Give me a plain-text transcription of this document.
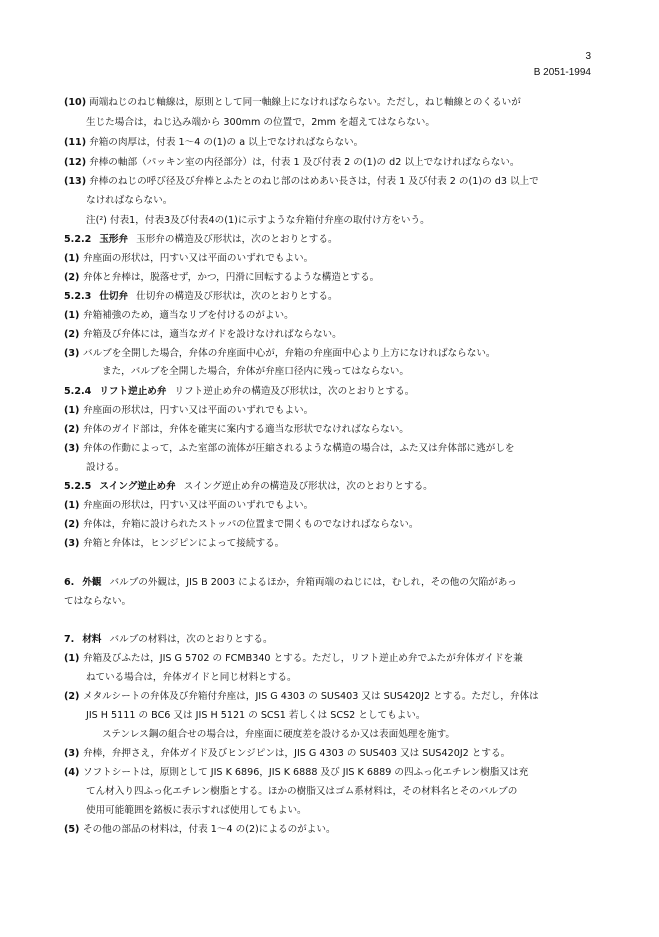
3
B 2051-1994
(10) 両端ねじのねじ軸線は，原則として同一軸線上になければならない。ただし，ねじ軸線とのくるいが
生じた場合は，ねじ込み端から 300mm の位置で，2mm を超えてはならない。
(11) 弁箱の肉厚は，付表 1～4 の(1)の a 以上でなければならない。
(12) 弁棒の軸部（パッキン室の内径部分）は，付表 1 及び付表 2 の(1)の d2 以上でなければならない。
(13) 弁棒のねじの呼び径及び弁棒とふたとのねじ部のはめあい長さは，付表 1 及び付表 2 の(1)の d3 以上で
なければならない。
注(²) 付表1，付表3及び付表4の(1)に示すような弁箱付弁座の取付け方をいう。
5.2.2 玉形弁 玉形弁の構造及び形状は，次のとおりとする。
(1) 弁座面の形状は，円すい又は平面のいずれでもよい。
(2) 弁体と弁棒は，脱落せず，かつ，円滑に回転するような構造とする。
5.2.3 仕切弁 仕切弁の構造及び形状は，次のとおりとする。
(1) 弁箱補強のため，適当なリブを付けるのがよい。
(2) 弁箱及び弁体には，適当なガイドを設けなければならない。
(3) バルブを全開した場合，弁体の弁座面中心が，弁箱の弁座面中心より上方になければならない。
また，バルブを全開した場合，弁体が弁座口径内に残ってはならない。
5.2.4 リフト逆止め弁 リフト逆止め弁の構造及び形状は，次のとおりとする。
(1) 弁座面の形状は，円すい又は平面のいずれでもよい。
(2) 弁体のガイド部は，弁体を確実に案内する適当な形状でなければならない。
(3) 弁体の作動によって，ふた室部の流体が圧縮されるような構造の場合は，ふた又は弁体部に逃がしを
設ける。
5.2.5 スイング逆止め弁 スイング逆止め弁の構造及び形状は，次のとおりとする。
(1) 弁座面の形状は，円すい又は平面のいずれでもよい。
(2) 弁体は，弁箱に設けられたストッパの位置まで開くものでなければならない。
(3) 弁箱と弁体は，ヒンジピンによって接続する。
6. 外観 バルブの外観は，JIS B 2003 によるほか，弁箱両端のねじには，むしれ，その他の欠陥があっ
てはならない。
7. 材料 バルブの材料は，次のとおりとする。
(1) 弁箱及びふたは，JIS G 5702 の FCMB340 とする。ただし，リフト逆止め弁でふたが弁体ガイドを兼
ねている場合は，弁体ガイドと同じ材料とする。
(2) メタルシートの弁体及び弁箱付弁座は，JIS G 4303 の SUS403 又は SUS420J2 とする。ただし，弁体は
JIS H 5111 の BC6 又は JIS H 5121 の SCS1 若しくは SCS2 としてもよい。
ステンレス鋼の組合せの場合は，弁座面に硬度差を設けるか又は表面処理を施す。
(3) 弁棒，弁押さえ，弁体ガイド及びヒンジピンは，JIS G 4303 の SUS403 又は SUS420J2 とする。
(4) ソフトシートは，原則として JIS K 6896，JIS K 6888 及び JIS K 6889 の四ふっ化エチレン樹脂又は充
てん材入り四ふっ化エチレン樹脂とする。ほかの樹脂又はゴム系材料は，その材料名とそのバルブの
使用可能範囲を銘板に表示すれば使用してもよい。
(5) その他の部品の材料は，付表 1～4 の(2)によるのがよい。
